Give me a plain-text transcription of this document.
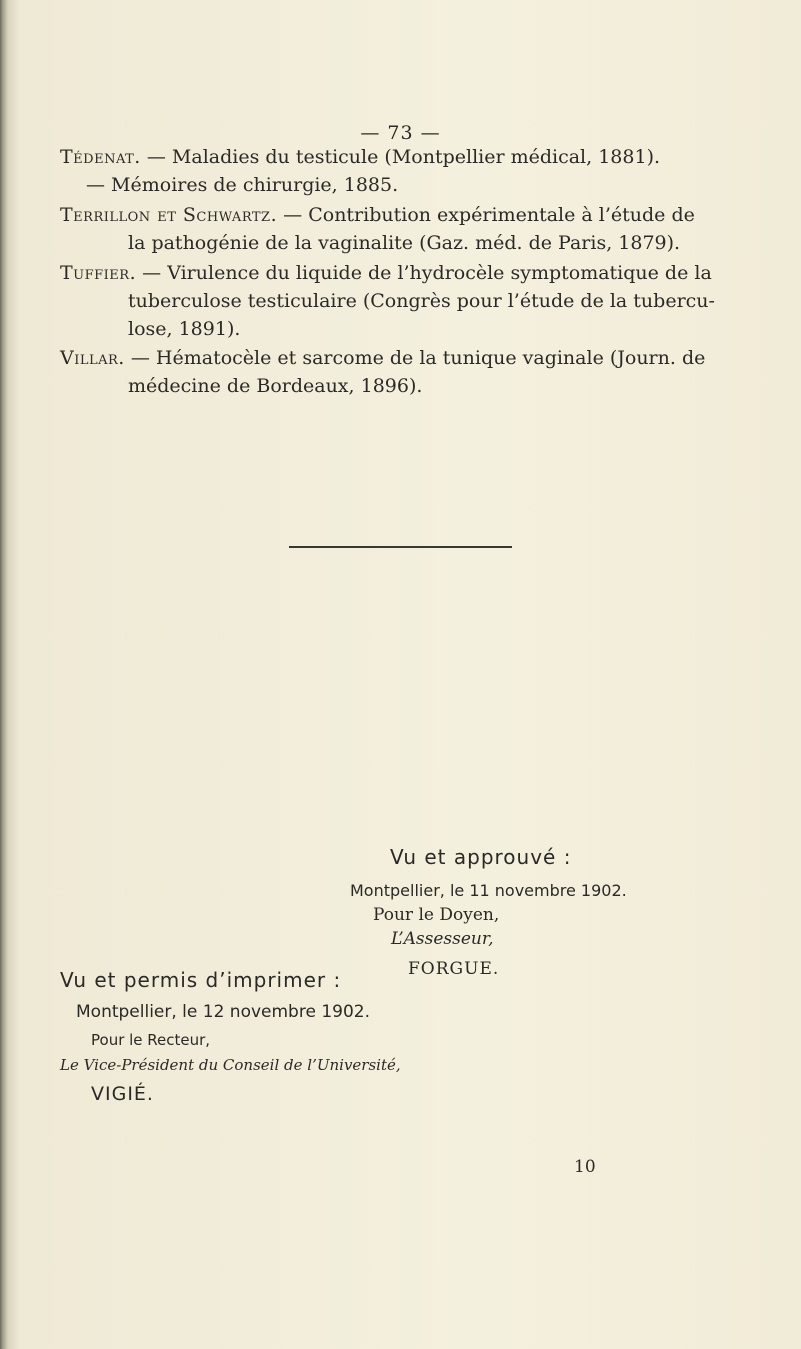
— 73 —
Tédenat. — Maladies du testicule (Montpellier médical, 1881).
— Mémoires de chirurgie, 1885.
Terrillon et Schwartz. — Contribution expérimentale à l’étude de
la pathogénie de la vaginalite (Gaz. méd. de Paris, 1879).
Tuffier. — Virulence du liquide de l’hydrocèle symptomatique de la
tuberculose testiculaire (Congrès pour l’étude de la tubercu-
lose, 1891).
Villar. — Hématocèle et sarcome de la tunique vaginale (Journ. de
médecine de Bordeaux, 1896).
Vu et approuvé :
Montpellier, le 11 novembre 1902.
Pour le Doyen,
L’Assesseur,
FORGUE.
Vu et permis d’imprimer :
Montpellier, le 12 novembre 1902.
Pour le Recteur,
Le Vice-Président du Conseil de l’Université,
VIGIÉ.
10
